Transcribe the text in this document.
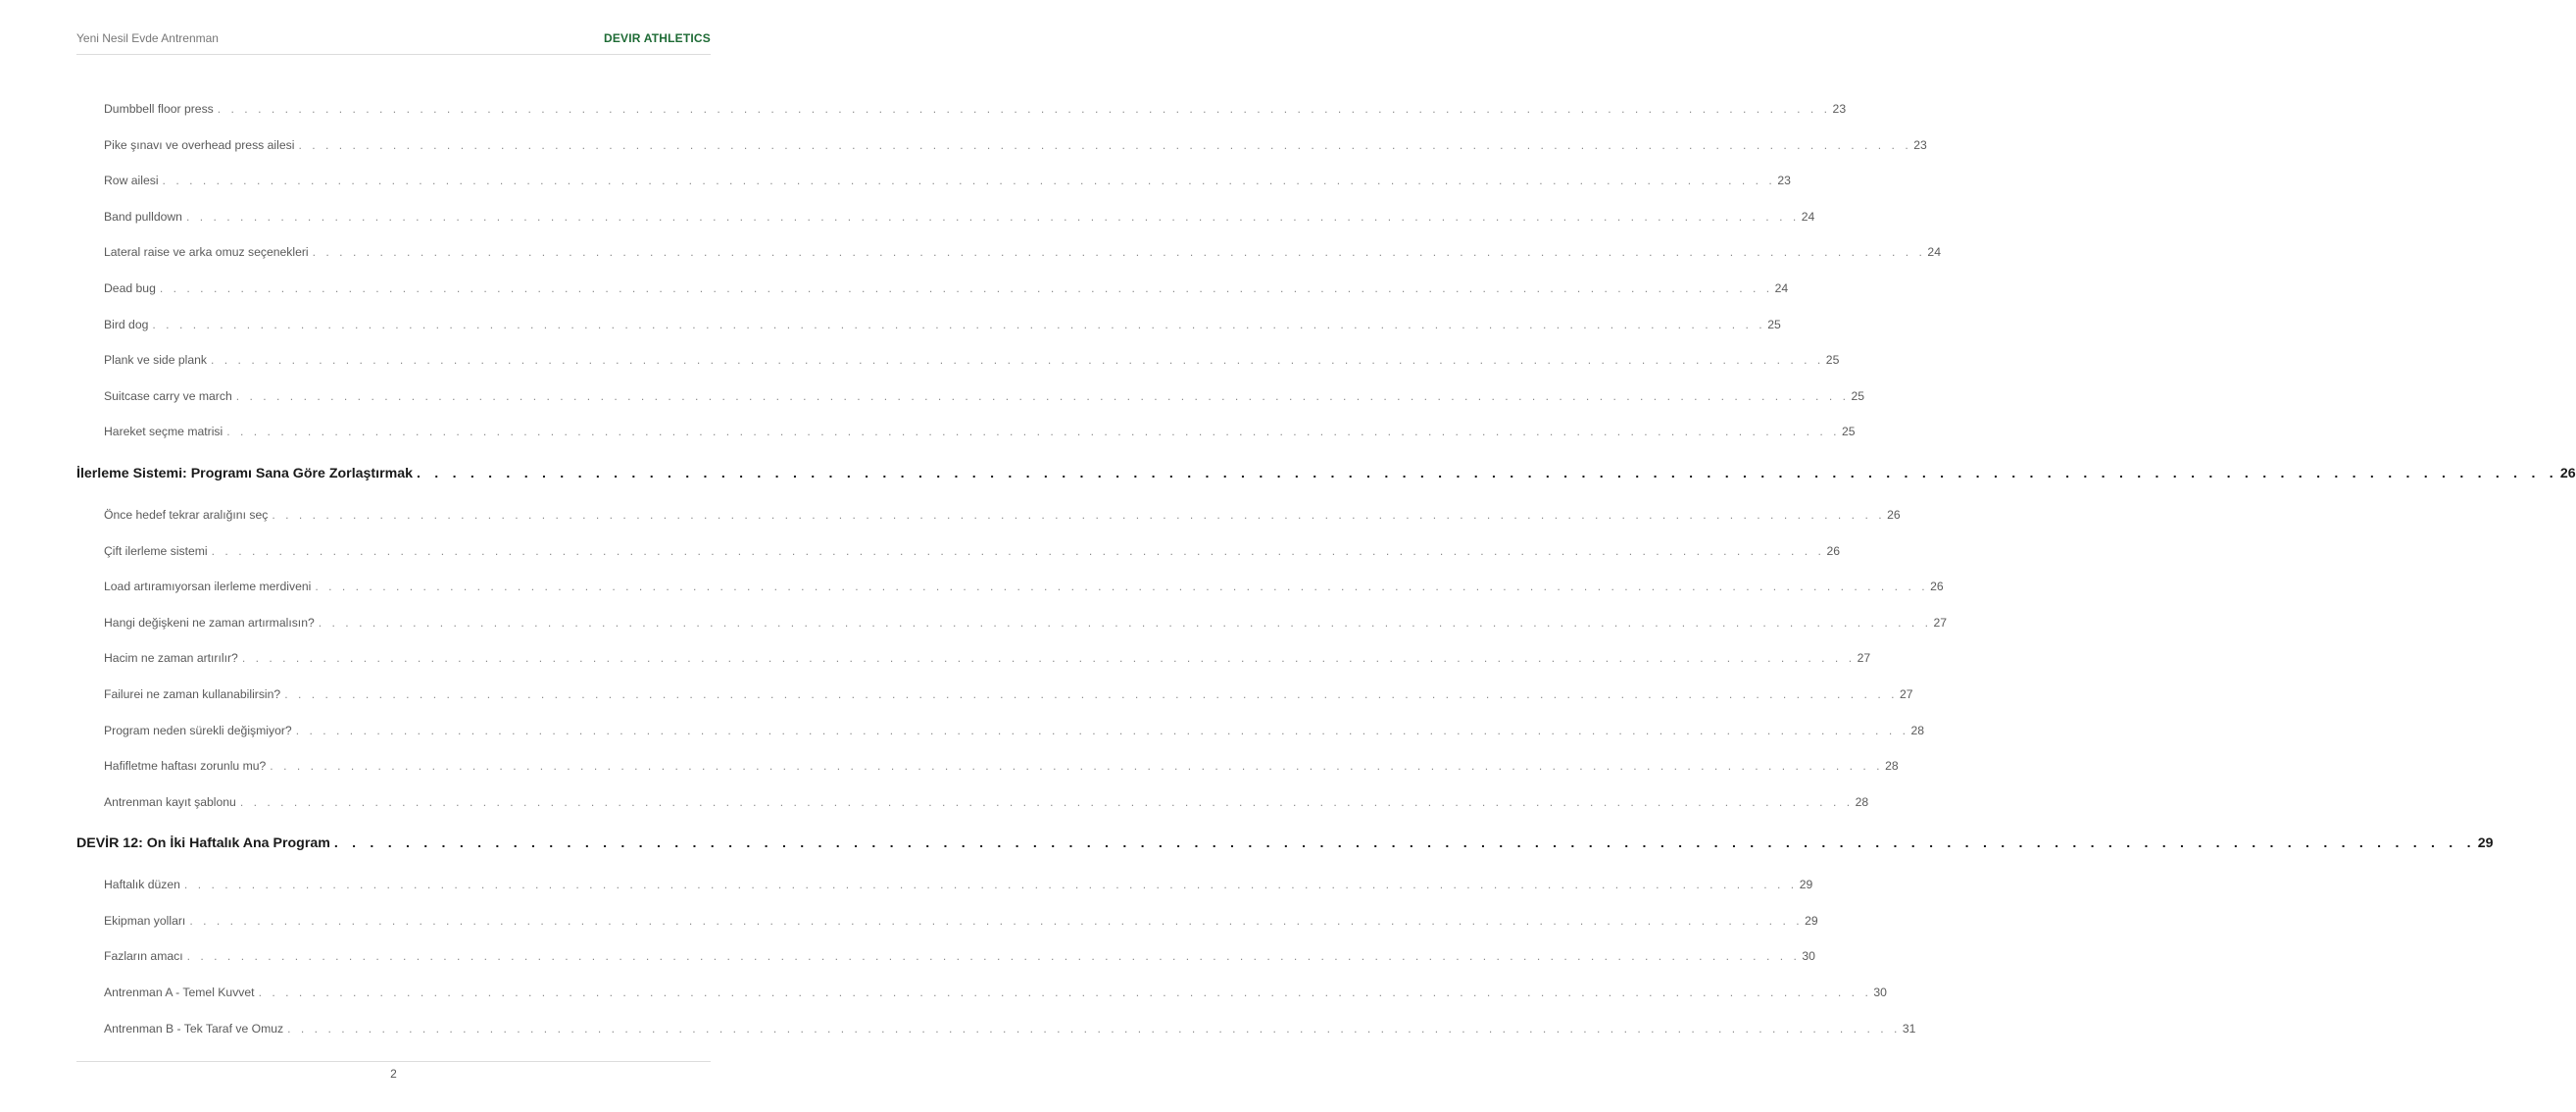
Yeni Nesil Evde Antrenman	DEVIR ATHLETICS
Dumbbell floor press . . . . . . . . . . . . . . . . . . . . . . . . . . . . . . . . . . . . . . . . . . . . . . . . . . . . . . . . . . . . . . . . . . . . . . . . . . . . . . . . . . . . . . . . . . . . . . . . . . . . . . . . . . . . . . . . . . . . . . . . 23
Pike şınavı ve overhead press ailesi . . . . . . . . . . . . . . . . . . . . . . . . . . . . . . . . . . . . . . . . . . . . . . . . . . . . . . . . . . . . . . . . . . . . . . . . . . . . . . . . . . . . . . . . . . . . . . . . . . . . . . . . . . . . . . . . . . . . . . . . 23
Row ailesi . . . . . . . . . . . . . . . . . . . . . . . . . . . . . . . . . . . . . . . . . . . . . . . . . . . . . . . . . . . . . . . . . . . . . . . . . . . . . . . . . . . . . . . . . . . . . . . . . . . . . . . . . . . . . . . . . . . . . . . . 23
Band pulldown . . . . . . . . . . . . . . . . . . . . . . . . . . . . . . . . . . . . . . . . . . . . . . . . . . . . . . . . . . . . . . . . . . . . . . . . . . . . . . . . . . . . . . . . . . . . . . . . . . . . . . . . . . . . . . . . . . . . . . . . 24
Lateral raise ve arka omuz seçenekleri . . . . . . . . . . . . . . . . . . . . . . . . . . . . . . . . . . . . . . . . . . . . . . . . . . . . . . . . . . . . . . . . . . . . . . . . . . . . . . . . . . . . . . . . . . . . . . . . . . . . . . . . . . . . . . . . . . . . . . . . 24
Dead bug . . . . . . . . . . . . . . . . . . . . . . . . . . . . . . . . . . . . . . . . . . . . . . . . . . . . . . . . . . . . . . . . . . . . . . . . . . . . . . . . . . . . . . . . . . . . . . . . . . . . . . . . . . . . . . . . . . . . . . . . 24
Bird dog . . . . . . . . . . . . . . . . . . . . . . . . . . . . . . . . . . . . . . . . . . . . . . . . . . . . . . . . . . . . . . . . . . . . . . . . . . . . . . . . . . . . . . . . . . . . . . . . . . . . . . . . . . . . . . . . . . . . . . . . 25
Plank ve side plank . . . . . . . . . . . . . . . . . . . . . . . . . . . . . . . . . . . . . . . . . . . . . . . . . . . . . . . . . . . . . . . . . . . . . . . . . . . . . . . . . . . . . . . . . . . . . . . . . . . . . . . . . . . . . . . . . . . . . . . . 25
Suitcase carry ve march . . . . . . . . . . . . . . . . . . . . . . . . . . . . . . . . . . . . . . . . . . . . . . . . . . . . . . . . . . . . . . . . . . . . . . . . . . . . . . . . . . . . . . . . . . . . . . . . . . . . . . . . . . . . . . . . . . . . . . . . 25
Hareket seçme matrisi . . . . . . . . . . . . . . . . . . . . . . . . . . . . . . . . . . . . . . . . . . . . . . . . . . . . . . . . . . . . . . . . . . . . . . . . . . . . . . . . . . . . . . . . . . . . . . . . . . . . . . . . . . . . . . . . . . . . . . . . 25
İlerleme Sistemi: Programı Sana Göre Zorlaştırmak . . . . . . . . . . . . . . . . . . . . . . . . . . . . . . . . . . . . . . . . . . . . . . . . . . . . . . . . . . . . . . . . . . . . . . . . . . . . . . . . . . . . . . . . . . . . . . . . . . . . . . . . . . . . . . . . . . . . . . . . 26
Önce hedef tekrar aralığını seç . . . . . . . . . . . . . . . . . . . . . . . . . . . . . . . . . . . . . . . . . . . . . . . . . . . . . . . . . . . . . . . . . . . . . . . . . . . . . . . . . . . . . . . . . . . . . . . . . . . . . . . . . . . . . . . . . . . . . . . . 26
Çift ilerleme sistemi . . . . . . . . . . . . . . . . . . . . . . . . . . . . . . . . . . . . . . . . . . . . . . . . . . . . . . . . . . . . . . . . . . . . . . . . . . . . . . . . . . . . . . . . . . . . . . . . . . . . . . . . . . . . . . . . . . . . . . . . 26
Load artıramıyorsan ilerleme merdiveni . . . . . . . . . . . . . . . . . . . . . . . . . . . . . . . . . . . . . . . . . . . . . . . . . . . . . . . . . . . . . . . . . . . . . . . . . . . . . . . . . . . . . . . . . . . . . . . . . . . . . . . . . . . . . . . . . . . . . . . . 26
Hangi değişkeni ne zaman artırmalısın? . . . . . . . . . . . . . . . . . . . . . . . . . . . . . . . . . . . . . . . . . . . . . . . . . . . . . . . . . . . . . . . . . . . . . . . . . . . . . . . . . . . . . . . . . . . . . . . . . . . . . . . . . . . . . . . . . . . . . . . . 27
Hacim ne zaman artırılır? . . . . . . . . . . . . . . . . . . . . . . . . . . . . . . . . . . . . . . . . . . . . . . . . . . . . . . . . . . . . . . . . . . . . . . . . . . . . . . . . . . . . . . . . . . . . . . . . . . . . . . . . . . . . . . . . . . . . . . . . 27
Failurei ne zaman kullanabilirsin? . . . . . . . . . . . . . . . . . . . . . . . . . . . . . . . . . . . . . . . . . . . . . . . . . . . . . . . . . . . . . . . . . . . . . . . . . . . . . . . . . . . . . . . . . . . . . . . . . . . . . . . . . . . . . . . . . . . . . . . . 27
Program neden sürekli değişmiyor? . . . . . . . . . . . . . . . . . . . . . . . . . . . . . . . . . . . . . . . . . . . . . . . . . . . . . . . . . . . . . . . . . . . . . . . . . . . . . . . . . . . . . . . . . . . . . . . . . . . . . . . . . . . . . . . . . . . . . . . . 28
Hafifletme haftası zorunlu mu? . . . . . . . . . . . . . . . . . . . . . . . . . . . . . . . . . . . . . . . . . . . . . . . . . . . . . . . . . . . . . . . . . . . . . . . . . . . . . . . . . . . . . . . . . . . . . . . . . . . . . . . . . . . . . . . . . . . . . . . . 28
Antrenman kayıt şablonu . . . . . . . . . . . . . . . . . . . . . . . . . . . . . . . . . . . . . . . . . . . . . . . . . . . . . . . . . . . . . . . . . . . . . . . . . . . . . . . . . . . . . . . . . . . . . . . . . . . . . . . . . . . . . . . . . . . . . . . . 28
DEVİR 12: On İki Haftalık Ana Program . . . . . . . . . . . . . . . . . . . . . . . . . . . . . . . . . . . . . . . . . . . . . . . . . . . . . . . . . . . . . . . . . . . . . . . . . . . . . . . . . . . . . . . . . . . . . . . . . . . . . . . . . . . . . . . . . . . . . . . . 29
Haftalık düzen . . . . . . . . . . . . . . . . . . . . . . . . . . . . . . . . . . . . . . . . . . . . . . . . . . . . . . . . . . . . . . . . . . . . . . . . . . . . . . . . . . . . . . . . . . . . . . . . . . . . . . . . . . . . . . . . . . . . . . . . 29
Ekipman yolları . . . . . . . . . . . . . . . . . . . . . . . . . . . . . . . . . . . . . . . . . . . . . . . . . . . . . . . . . . . . . . . . . . . . . . . . . . . . . . . . . . . . . . . . . . . . . . . . . . . . . . . . . . . . . . . . . . . . . . . . 29
Fazların amacı . . . . . . . . . . . . . . . . . . . . . . . . . . . . . . . . . . . . . . . . . . . . . . . . . . . . . . . . . . . . . . . . . . . . . . . . . . . . . . . . . . . . . . . . . . . . . . . . . . . . . . . . . . . . . . . . . . . . . . . . 30
Antrenman A - Temel Kuvvet . . . . . . . . . . . . . . . . . . . . . . . . . . . . . . . . . . . . . . . . . . . . . . . . . . . . . . . . . . . . . . . . . . . . . . . . . . . . . . . . . . . . . . . . . . . . . . . . . . . . . . . . . . . . . . . . . . . . . . . . 30
Antrenman B - Tek Taraf ve Omuz . . . . . . . . . . . . . . . . . . . . . . . . . . . . . . . . . . . . . . . . . . . . . . . . . . . . . . . . . . . . . . . . . . . . . . . . . . . . . . . . . . . . . . . . . . . . . . . . . . . . . . . . . . . . . . . . . . . . . . . . 31
2
